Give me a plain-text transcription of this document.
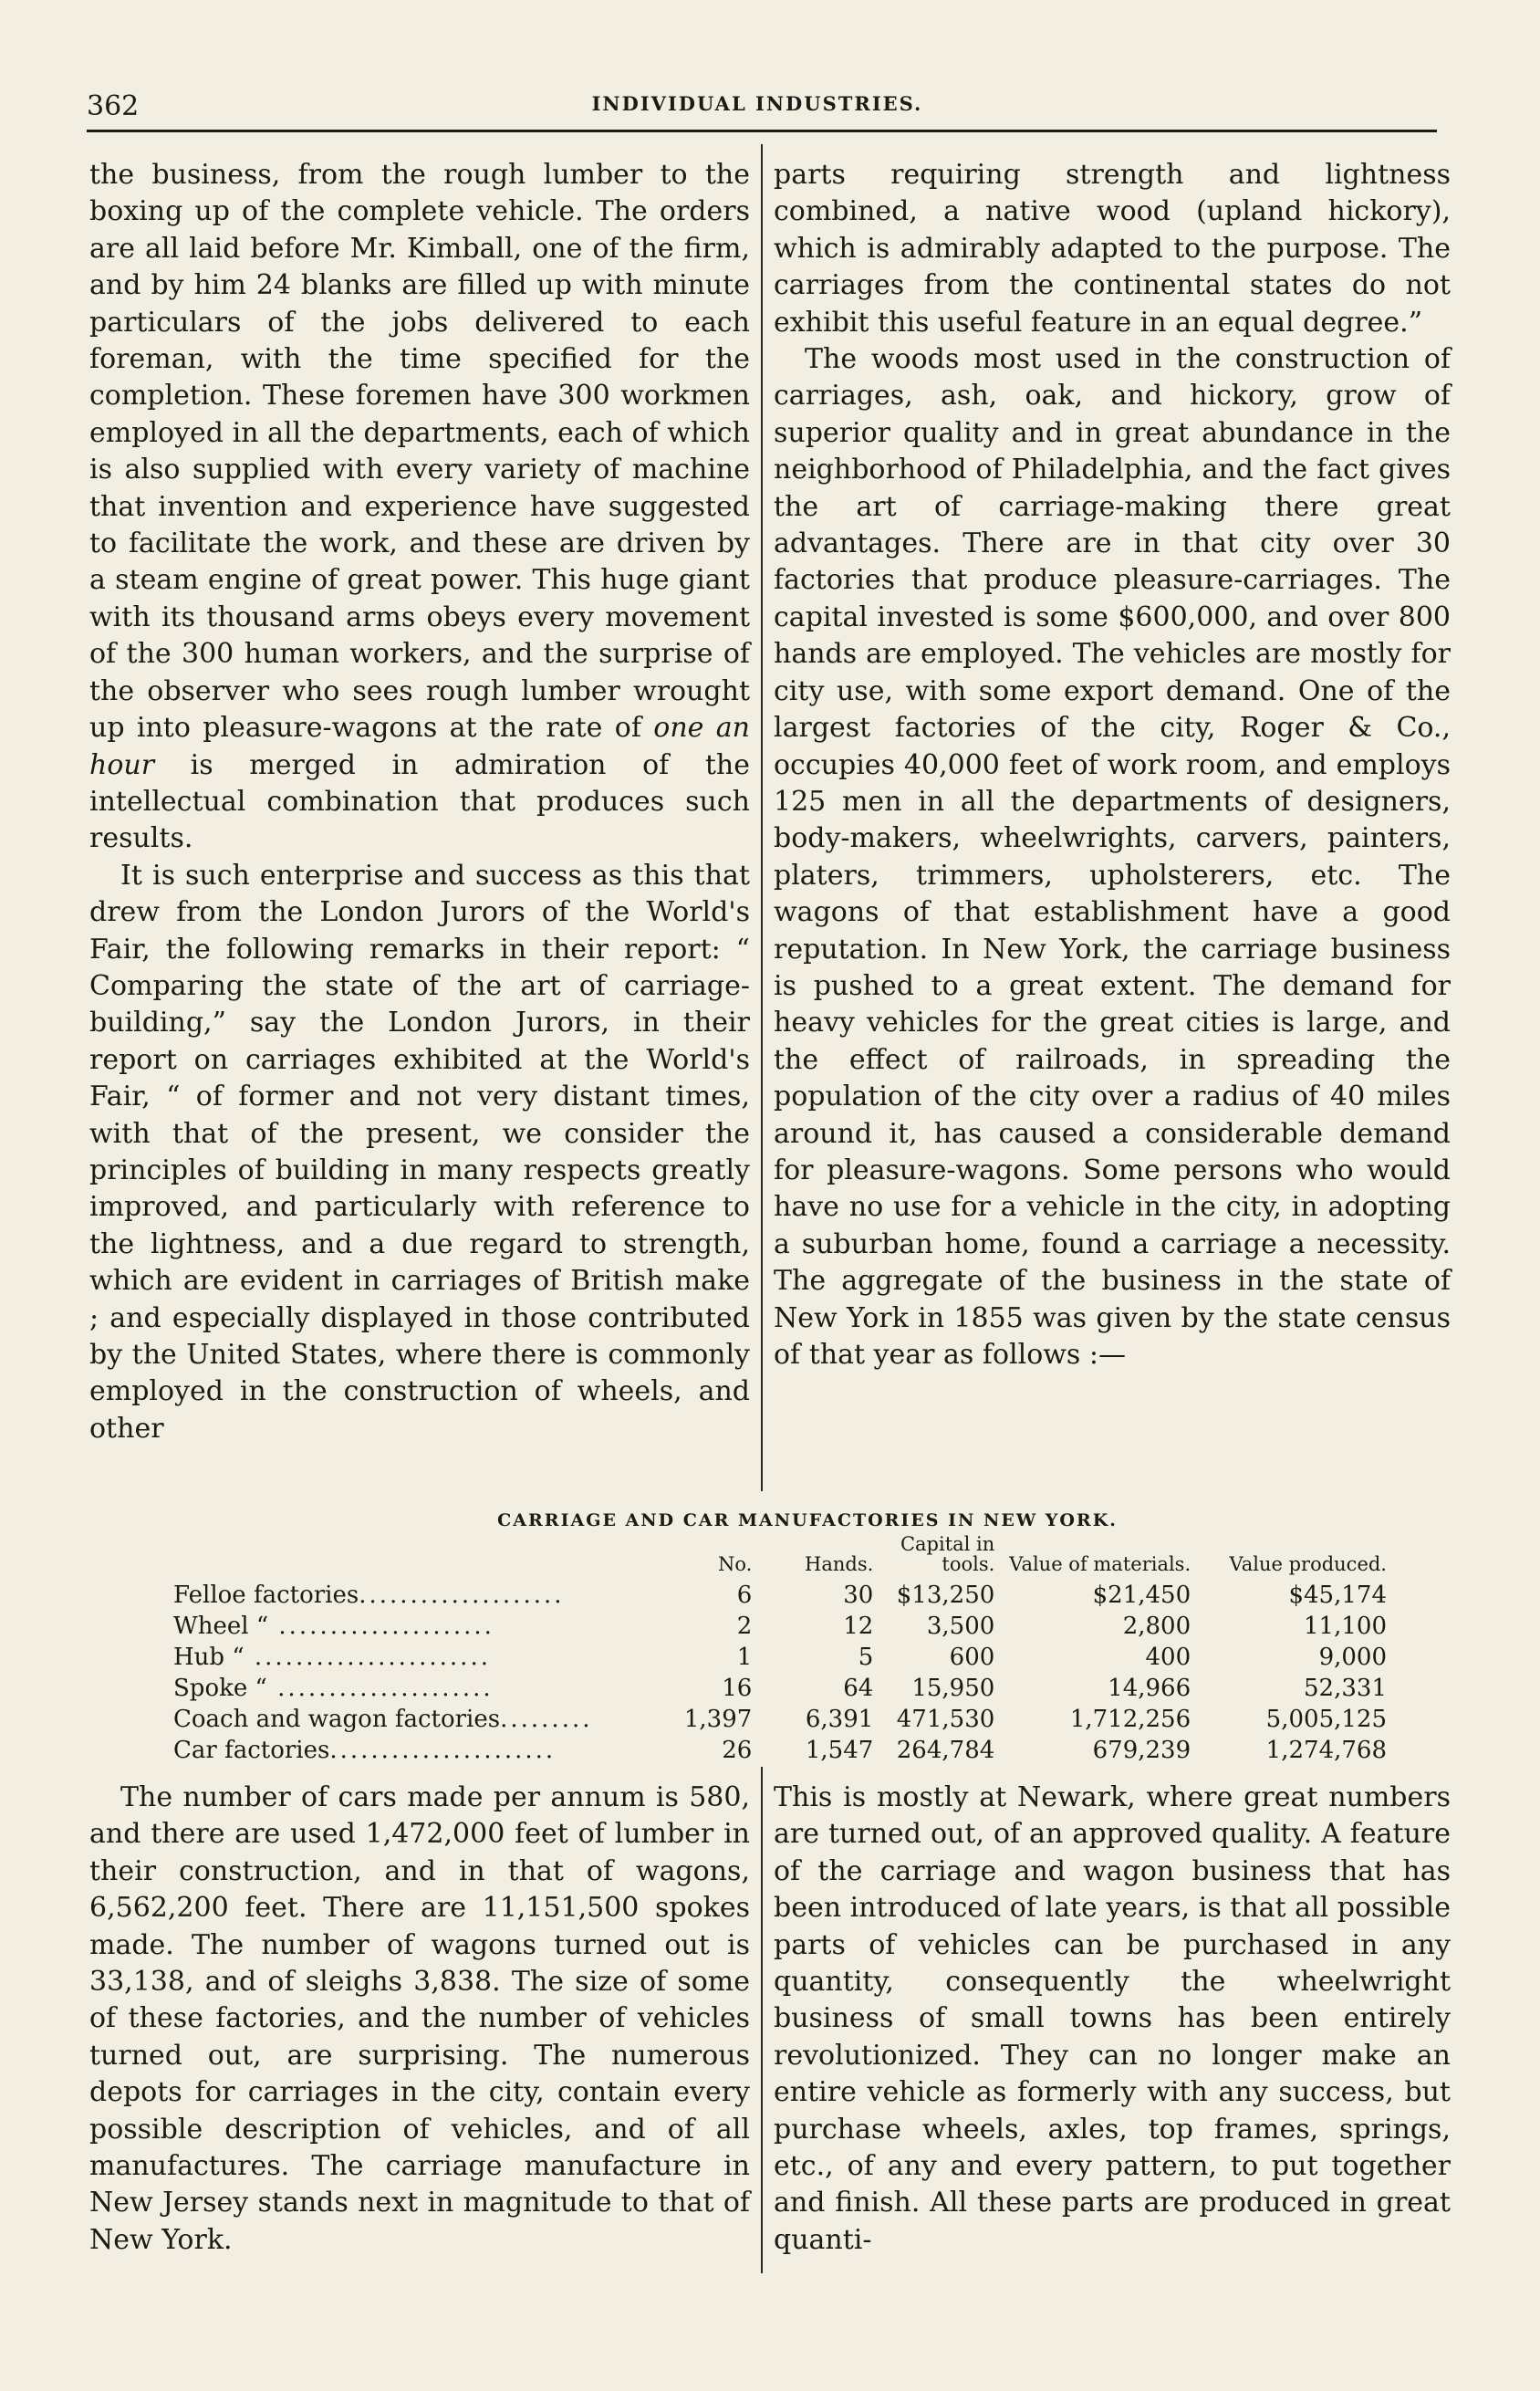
362	INDIVIDUAL INDUSTRIES.

the business, from the rough lumber to the boxing up of the complete vehicle. The orders are all laid before Mr. Kimball, one of the firm, and by him 24 blanks are filled up with minute particulars of the jobs delivered to each foreman, with the time specified for the completion. These foremen have 300 workmen employed in all the departments, each of which is also supplied with every variety of machine that invention and experience have suggested to facilitate the work, and these are driven by a steam engine of great power. This huge giant with its thousand arms obeys every movement of the 300 human workers, and the surprise of the observer who sees rough lumber wrought up into pleasure-wagons at the rate of one an hour is merged in admiration of the intellectual combination that produces such results.

It is such enterprise and success as this that drew from the London Jurors of the World's Fair, the following remarks in their report: “ Comparing the state of the art of carriage-building,” say the London Jurors, in their report on carriages exhibited at the World's Fair, “ of former and not very distant times, with that of the present, we consider the principles of building in many respects greatly improved, and particularly with reference to the lightness, and a due regard to strength, which are evident in carriages of British make ; and especially displayed in those contributed by the United States, where there is commonly employed in the construction of wheels, and other

parts requiring strength and lightness combined, a native wood (upland hickory), which is admirably adapted to the purpose. The carriages from the continental states do not exhibit this useful feature in an equal degree.”

The woods most used in the construction of carriages, ash, oak, and hickory, grow of superior quality and in great abundance in the neighborhood of Philadelphia, and the fact gives the art of carriage-making there great advantages. There are in that city over 30 factories that produce pleasure-carriages. The capital invested is some $600,000, and over 800 hands are employed. The vehicles are mostly for city use, with some export demand. One of the largest factories of the city, Roger & Co., occupies 40,000 feet of work room, and employs 125 men in all the departments of designers, body-makers, wheelwrights, carvers, painters, platers, trimmers, upholsterers, etc. The wagons of that establishment have a good reputation. In New York, the carriage business is pushed to a great extent. The demand for heavy vehicles for the great cities is large, and the effect of railroads, in spreading the population of the city over a radius of 40 miles around it, has caused a considerable demand for pleasure-wagons. Some persons who would have no use for a vehicle in the city, in adopting a suburban home, found a carriage a necessity. The aggregate of the business in the state of New York in 1855 was given by the state census of that year as follows :—

CARRIAGE AND CAR MANUFACTORIES IN NEW YORK.
	No.	Hands.	Capital in tools.	Value of materials.	Value produced.
Felloe factories....................	6	30	$13,250	$21,450	$45,174
Wheel “ .....................	2	12	3,500	2,800	11,100
Hub “ .......................	1	5	600	400	9,000
Spoke “ .....................	16	64	15,950	14,966	52,331
Coach and wagon factories.........	1,397	6,391	471,530	1,712,256	5,005,125
Car factories......................	26	1,547	264,784	679,239	1,274,768

The number of cars made per annum is 580, and there are used 1,472,000 feet of lumber in their construction, and in that of wagons, 6,562,200 feet. There are 11,151,500 spokes made. The number of wagons turned out is 33,138, and of sleighs 3,838. The size of some of these factories, and the number of vehicles turned out, are surprising. The numerous depots for carriages in the city, contain every possible description of vehicles, and of all manufactures. The carriage manufacture in New Jersey stands next in magnitude to that of New York.

This is mostly at Newark, where great numbers are turned out, of an approved quality. A feature of the carriage and wagon business that has been introduced of late years, is that all possible parts of vehicles can be purchased in any quantity, consequently the wheelwright business of small towns has been entirely revolutionized. They can no longer make an entire vehicle as formerly with any success, but purchase wheels, axles, top frames, springs, etc., of any and every pattern, to put together and finish. All these parts are produced in great quanti-
